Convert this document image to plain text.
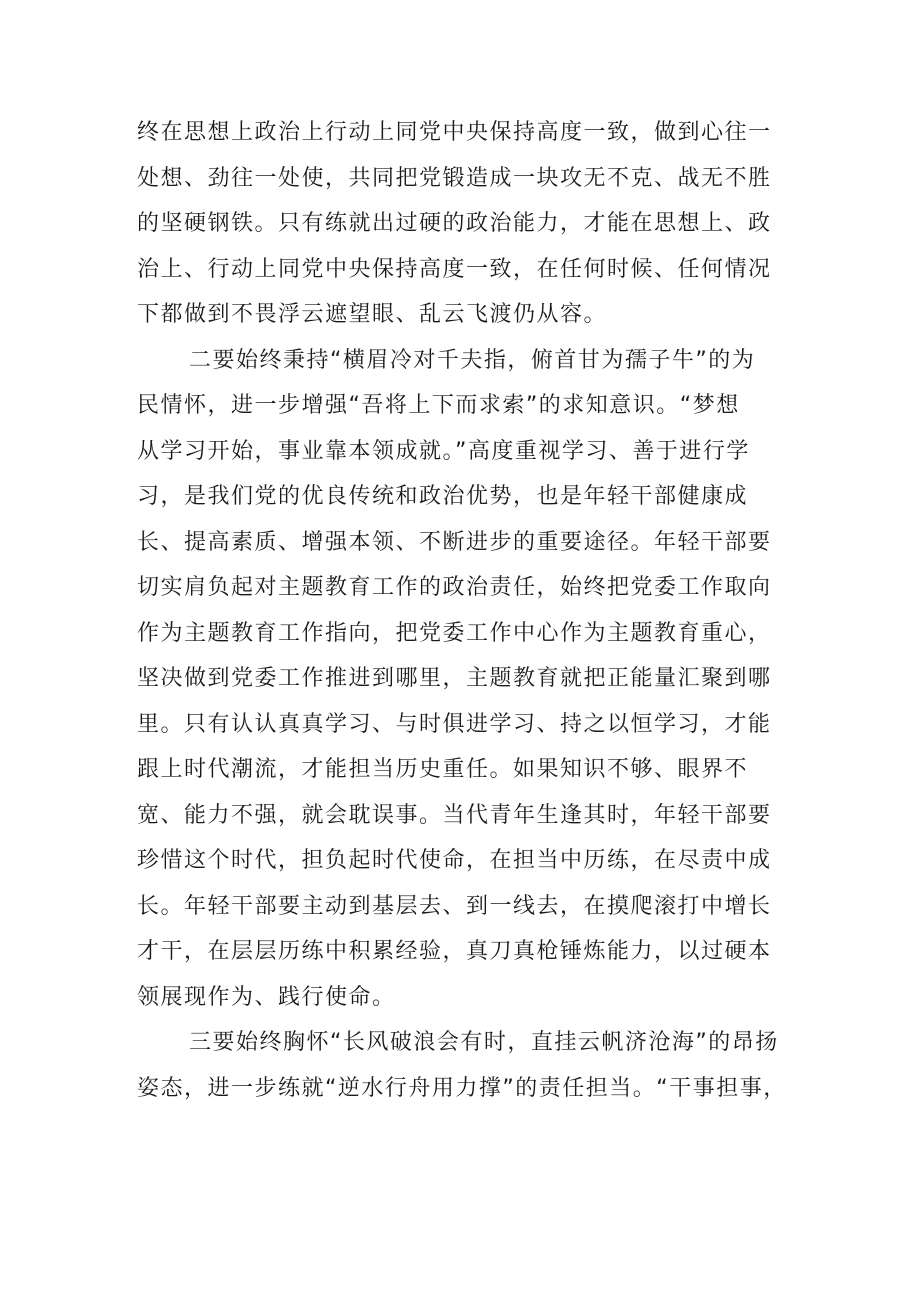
终在思想上政治上行动上同党中央保持高度一致，做到心往一
处想、劲往一处使，共同把党锻造成一块攻无不克、战无不胜
的坚硬钢铁。只有练就出过硬的政治能力，才能在思想上、政
治上、行动上同党中央保持高度一致，在任何时候、任何情况
下都做到不畏浮云遮望眼、乱云飞渡仍从容。
二要始终秉持“横眉冷对千夫指，俯首甘为孺子牛”的为
民情怀，进一步增强“吾将上下而求索”的求知意识。“梦想
从学习开始，事业靠本领成就。”高度重视学习、善于进行学
习，是我们党的优良传统和政治优势，也是年轻干部健康成
长、提高素质、增强本领、不断进步的重要途径。年轻干部要
切实肩负起对主题教育工作的政治责任，始终把党委工作取向
作为主题教育工作指向，把党委工作中心作为主题教育重心，
坚决做到党委工作推进到哪里，主题教育就把正能量汇聚到哪
里。只有认认真真学习、与时俱进学习、持之以恒学习，才能
跟上时代潮流，才能担当历史重任。如果知识不够、眼界不
宽、能力不强，就会耽误事。当代青年生逢其时，年轻干部要
珍惜这个时代，担负起时代使命，在担当中历练，在尽责中成
长。年轻干部要主动到基层去、到一线去，在摸爬滚打中增长
才干，在层层历练中积累经验，真刀真枪锤炼能力，以过硬本
领展现作为、践行使命。
三要始终胸怀“长风破浪会有时，直挂云帆济沧海”的昂扬
姿态，进一步练就“逆水行舟用力撑”的责任担当。“干事担事，
